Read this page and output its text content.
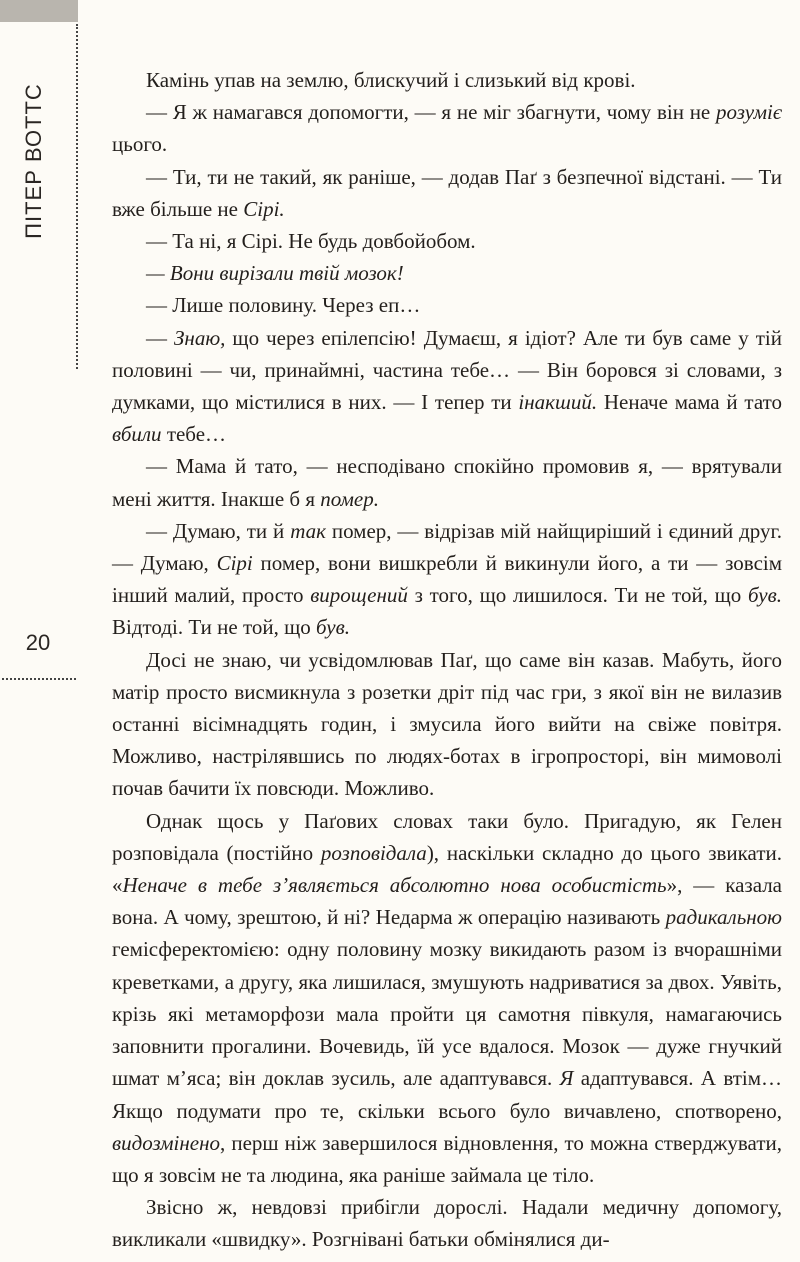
ПІТЕР ВОТТС
20

Камінь упав на землю, блискучий і слизький від крові.

— Я ж намагався допомогти, — я не міг збагнути, чому він не розуміє цього.

— Ти, ти не такий, як раніше, — додав Паґ з безпечної відстані. — Ти вже більше не Сірі.

— Та ні, я Сірі. Не будь довбойобом.

— Вони вирізали твій мозок!

— Лише половину. Через еп…

— Знаю, що через епілепсію! Думаєш, я ідіот? Але ти був саме у тій половині — чи, принаймні, частина тебе… — Він боровся зі словами, з думками, що містилися в них. — І тепер ти інакший. Неначе мама й тато вбили тебе…

— Мама й тато, — несподівано спокійно промовив я, — врятували мені життя. Інакше б я помер.

— Думаю, ти й так помер, — відрізав мій найщиріший і єдиний друг. — Думаю, Сірі помер, вони вишкребли й викинули його, а ти — зовсім інший малий, просто вирощений з того, що лишилося. Ти не той, що був. Відтоді. Ти не той, що був.

Досі не знаю, чи усвідомлював Паґ, що саме він казав. Мабуть, його матір просто висмикнула з розетки дріт під час гри, з якої він не вилазив останні вісімнадцять годин, і змусила його вийти на свіже повітря. Можливо, настрілявшись по людях-ботах в ігропросторі, він мимоволі почав бачити їх повсюди. Можливо.

Однак щось у Паґових словах таки було. Пригадую, як Гелен розповідала (постійно розповідала), наскільки складно до цього звикати. «Неначе в тебе з’являється абсолютно нова особистість», — казала вона. А чому, зрештою, й ні? Недарма ж операцію називають радикальною гемісферектомією: одну половину мозку викидають разом із вчорашніми креветками, а другу, яка лишилася, змушують надриватися за двох. Уявіть, крізь які метаморфози мала пройти ця самотня півкуля, намагаючись заповнити прогалини. Вочевидь, їй усе вдалося. Мозок — дуже гнучкий шмат м’яса; він доклав зусиль, але адаптувався. Я адаптувався. А втім… Якщо подумати про те, скільки всього було вичавлено, спотворено, видозмінено, перш ніж завершилося відновлення, то можна стверджувати, що я зовсім не та людина, яка раніше займала це тіло.

Звісно ж, невдовзі прибігли дорослі. Надали медичну допомогу, викликали «швидку». Розгнівані батьки обмінялися ди-
